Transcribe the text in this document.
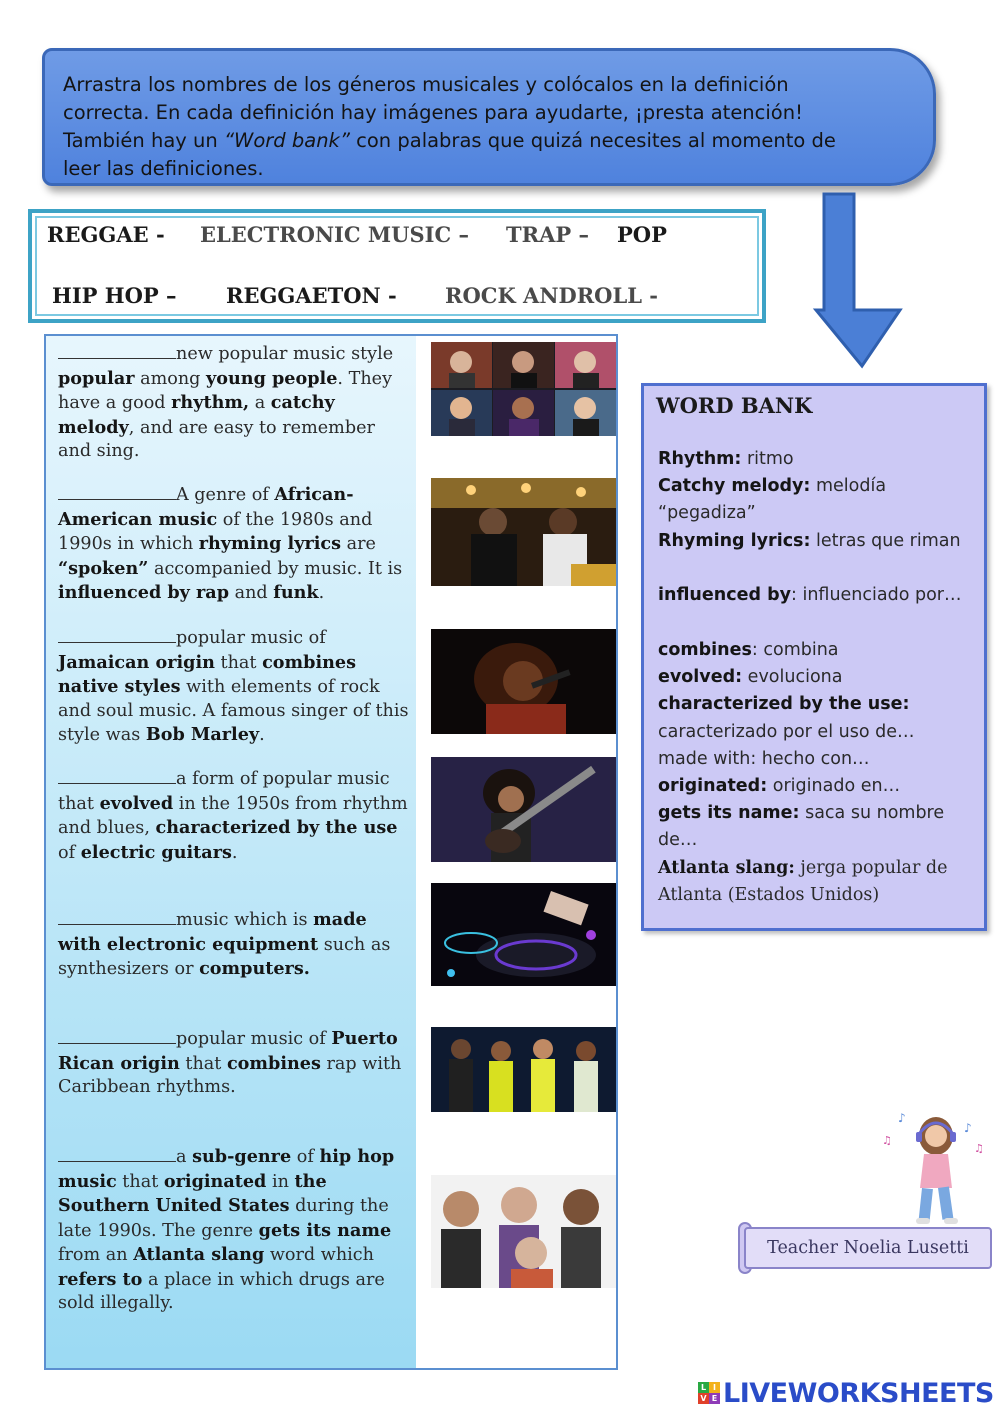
Arrastra los nombres de los géneros musicales y colócalos en la definición
correcta. En cada definición hay imágenes para ayudarte, ¡presta atención!
También hay un “Word bank” con palabras que quizá necesites al momento de
leer las definiciones.
REGGAE - ELECTRONIC MUSIC – TRAP – POP
HIP HOP – REGGAETON - ROCK ANDROLL -
new popular music style popular among young people. They have a good rhythm, a catchy melody, and are easy to remember and sing.
A genre of African-American music of the 1980s and 1990s in which rhyming lyrics are “spoken” accompanied by music. It is influenced by rap and funk.
popular music of Jamaican origin that combines native styles with elements of rock and soul music. A famous singer of this style was Bob Marley.
a form of popular music that evolved in the 1950s from rhythm and blues, characterized by the use of electric guitars.
music which is made with electronic equipment such as synthesizers or computers.
popular music of Puerto Rican origin that combines rap with Caribbean rhythms.
a sub-genre of hip hop music that originated in the Southern United States during the late 1990s. The genre gets its name from an Atlanta slang word which refers to a place in which drugs are sold illegally.
WORD BANK
Rhythm: ritmo
Catchy melody: melodía “pegadiza”
Rhyming lyrics: letras que riman
influenced by: influenciado por…
combines: combina
evolved: evoluciona
characterized by the use:
caracterizado por el uso de…
made with: hecho con…
originated: originado en…
gets its name: saca su nombre de…
Atlanta slang: jerga popular de Atlanta (Estados Unidos)
♪
♫
♪
♫
Teacher Noelia Lusetti
L I
V E LIVEWORKSHEETS
